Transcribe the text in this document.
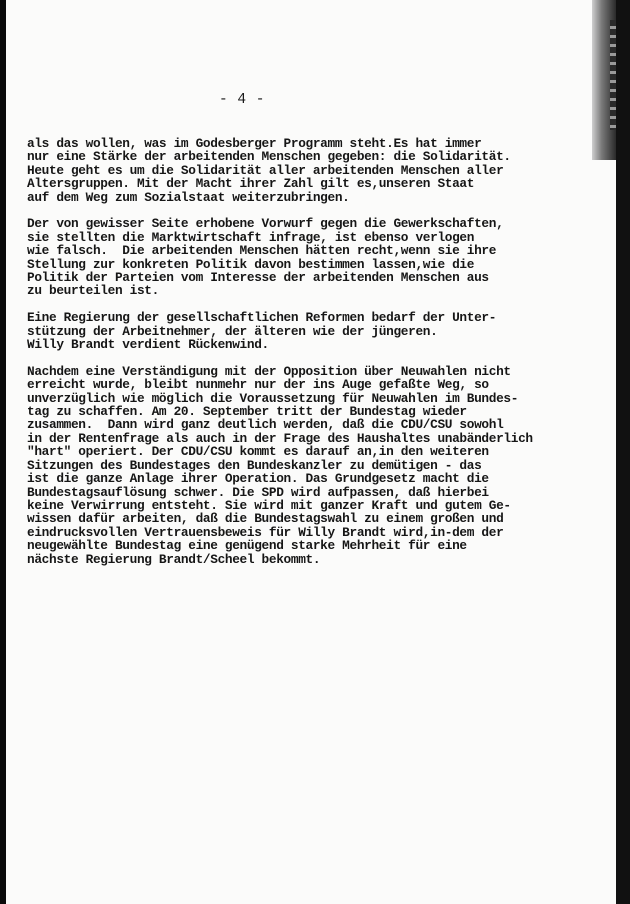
- 4 -
als das wollen, was im Godesberger Programm steht.Es hat immer
nur eine Stärke der arbeitenden Menschen gegeben: die Solidarität.
Heute geht es um die Solidarität aller arbeitenden Menschen aller
Altersgruppen. Mit der Macht ihrer Zahl gilt es,unseren Staat
auf dem Weg zum Sozialstaat weiterzubringen.
Der von gewisser Seite erhobene Vorwurf gegen die Gewerkschaften,
sie stellten die Marktwirtschaft infrage, ist ebenso verlogen
wie falsch.  Die arbeitenden Menschen hätten recht,wenn sie ihre
Stellung zur konkreten Politik davon bestimmen lassen,wie die
Politik der Parteien vom Interesse der arbeitenden Menschen aus
zu beurteilen ist.
Eine Regierung der gesellschaftlichen Reformen bedarf der Unter-
stützung der Arbeitnehmer, der älteren wie der jüngeren.
Willy Brandt verdient Rückenwind.
Nachdem eine Verständigung mit der Opposition über Neuwahlen nicht
erreicht wurde, bleibt nunmehr nur der ins Auge gefaßte Weg, so
unverzüglich wie möglich die Voraussetzung für Neuwahlen im Bundes-
tag zu schaffen. Am 20. September tritt der Bundestag wieder
zusammen.  Dann wird ganz deutlich werden, daß die CDU/CSU sowohl
in der Rentenfrage als auch in der Frage des Haushaltes unabänderlich
"hart" operiert. Der CDU/CSU kommt es darauf an,in den weiteren
Sitzungen des Bundestages den Bundeskanzler zu demütigen - das
ist die ganze Anlage ihrer Operation. Das Grundgesetz macht die
Bundestagsauflösung schwer. Die SPD wird aufpassen, daß hierbei
keine Verwirrung entsteht. Sie wird mit ganzer Kraft und gutem Ge-
wissen dafür arbeiten, daß die Bundestagswahl zu einem großen und
eindrucksvollen Vertrauensbeweis für Willy Brandt wird,in-dem der
neugewählte Bundestag eine genügend starke Mehrheit für eine
nächste Regierung Brandt/Scheel bekommt.
